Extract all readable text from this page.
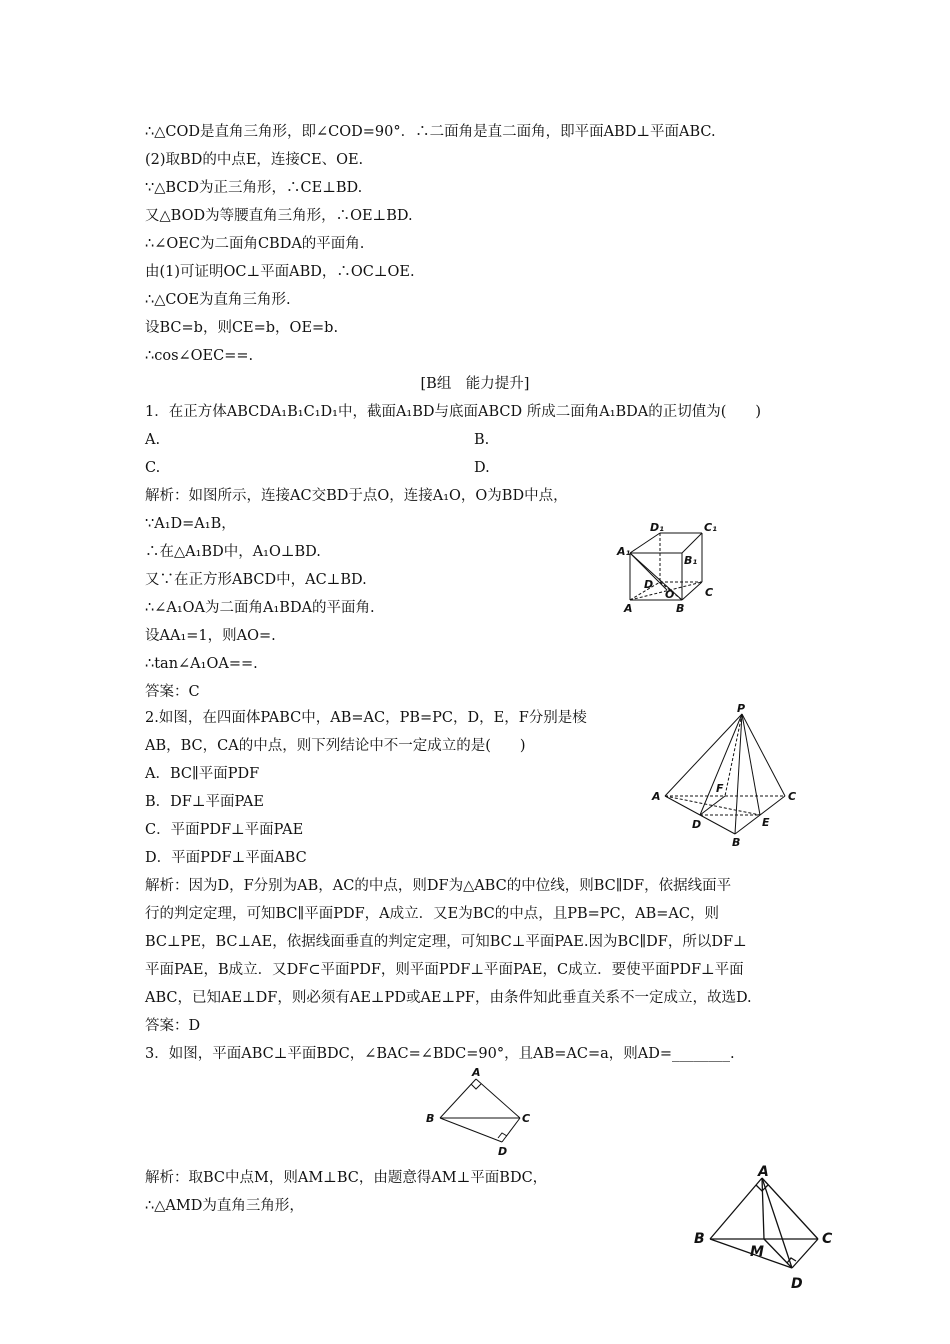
∴△COD是直角三角形，即∠COD=90°．∴二面角是直二面角，即平面ABD⊥平面ABC.
(2)取BD的中点E，连接CE、OE.
∵△BCD为正三角形，∴CE⊥BD.
又△BOD为等腰直角三角形，∴OE⊥BD.
∴∠OEC为二面角CBDA的平面角.
由(1)可证明OC⊥平面ABD，∴OC⊥OE.
∴△COE为直角三角形.
设BC=b，则CE=b，OE=b.
∴cos∠OEC==.
[B组　能力提升]
1．在正方体ABCDA₁B₁C₁D₁中，截面A₁BD与底面ABCD 所成二面角A₁BDA的正切值为(　　)
A.	B.
C.	D.
解析：如图所示，连接AC交BD于点O，连接A₁O，O为BD中点，
∵A₁D=A₁B，
∴在△A₁BD中，A₁O⊥BD.
又∵在正方形ABCD中，AC⊥BD.
∴∠A₁OA为二面角A₁BDA的平面角.
设AA₁=1，则AO=.
∴tan∠A₁OA==.
答案：C
D₁	C₁
A₁
B₁
D
O	C
A	B
2.如图，在四面体PABC中，AB=AC，PB=PC，D，E，F分别是棱
AB，BC，CA的中点，则下列结论中不一定成立的是(　　)
A．BC∥平面PDF
B．DF⊥平面PAE
C．平面PDF⊥平面PAE
D．平面PDF⊥平面ABC
解析：因为D，F分别为AB，AC的中点，则DF为△ABC的中位线，则BC∥DF，依据线面平
行的判定定理，可知BC∥平面PDF，A成立．又E为BC的中点，且PB=PC，AB=AC，则
BC⊥PE，BC⊥AE，依据线面垂直的判定定理，可知BC⊥平面PAE.因为BC∥DF，所以DF⊥
平面PAE，B成立．又DF⊂平面PDF，则平面PDF⊥平面PAE，C成立．要使平面PDF⊥平面
ABC，已知AE⊥DF，则必须有AE⊥PD或AE⊥PF，由条件知此垂直关系不一定成立，故选D.
答案：D
P
A
F
C
D	E
B
3．如图，平面ABC⊥平面BDC，∠BAC=∠BDC=90°，且AB=AC=a，则AD=________.
A
B	C
D
解析：取BC中点M，则AM⊥BC，由题意得AM⊥平面BDC，
∴△AMD为直角三角形，
A
B
M
C
D
